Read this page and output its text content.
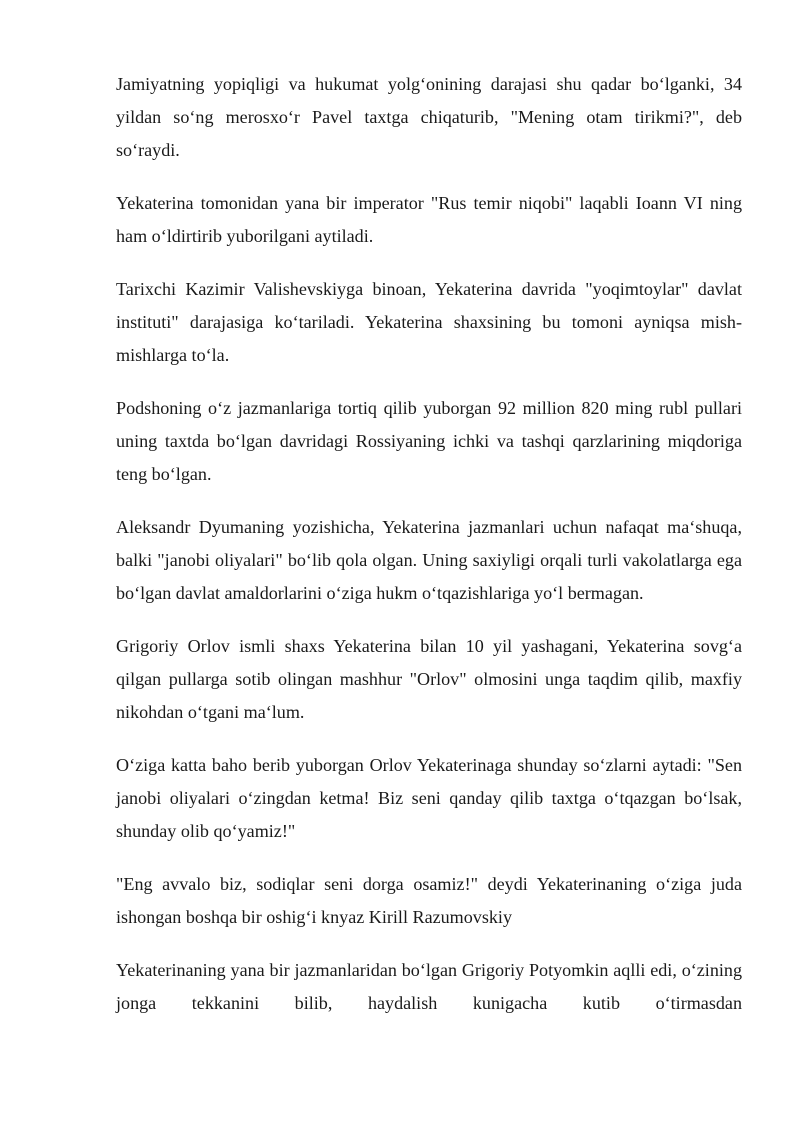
Jamiyatning yopiqligi va hukumat yolg‘onining darajasi shu qadar bo‘lganki, 34 yildan so‘ng merosxo‘r Pavel taxtga chiqaturib, "Mening otam tirikmi?", deb so‘raydi.

Yekaterina tomonidan yana bir imperator "Rus temir niqobi" laqabli Ioann VI ning ham o‘ldirtirib yuborilgani aytiladi.

Tarixchi Kazimir Valishevskiyga binoan, Yekaterina davrida "yoqimtoylar" davlat instituti" darajasiga ko‘tariladi. Yekaterina shaxsining bu tomoni ayniqsa mish-mishlarga to‘la.

Podshoning o‘z jazmanlariga tortiq qilib yuborgan 92 million 820 ming rubl pullari uning taxtda bo‘lgan davridagi Rossiyaning ichki va tashqi qarzlarining miqdoriga teng bo‘lgan.

Aleksandr Dyumaning yozishicha, Yekaterina jazmanlari uchun nafaqat ma‘shuqa, balki "janobi oliyalari" bo‘lib qola olgan. Uning saxiyligi orqali turli vakolatlarga ega bo‘lgan davlat amaldorlarini o‘ziga hukm o‘tqazishlariga yo‘l bermagan.

Grigoriy Orlov ismli shaxs Yekaterina bilan 10 yil yashagani, Yekaterina sovg‘a qilgan pullarga sotib olingan mashhur "Orlov" olmosini unga taqdim qilib, maxfiy nikohdan o‘tgani ma‘lum.

O‘ziga katta baho berib yuborgan Orlov Yekaterinaga shunday so‘zlarni aytadi: "Sen janobi oliyalari o‘zingdan ketma! Biz seni qanday qilib taxtga o‘tqazgan bo‘lsak, shunday olib qo‘yamiz!"

"Eng avvalo biz, sodiqlar seni dorga osamiz!" deydi Yekaterinaning o‘ziga juda ishongan boshqa bir oshig‘i knyaz Kirill Razumovskiy

Yekaterinaning yana bir jazmanlaridan bo‘lgan Grigoriy Potyomkin aqlli edi, o‘zining jonga tekkanini bilib, haydalish kunigacha kutib o‘tirmasdan
